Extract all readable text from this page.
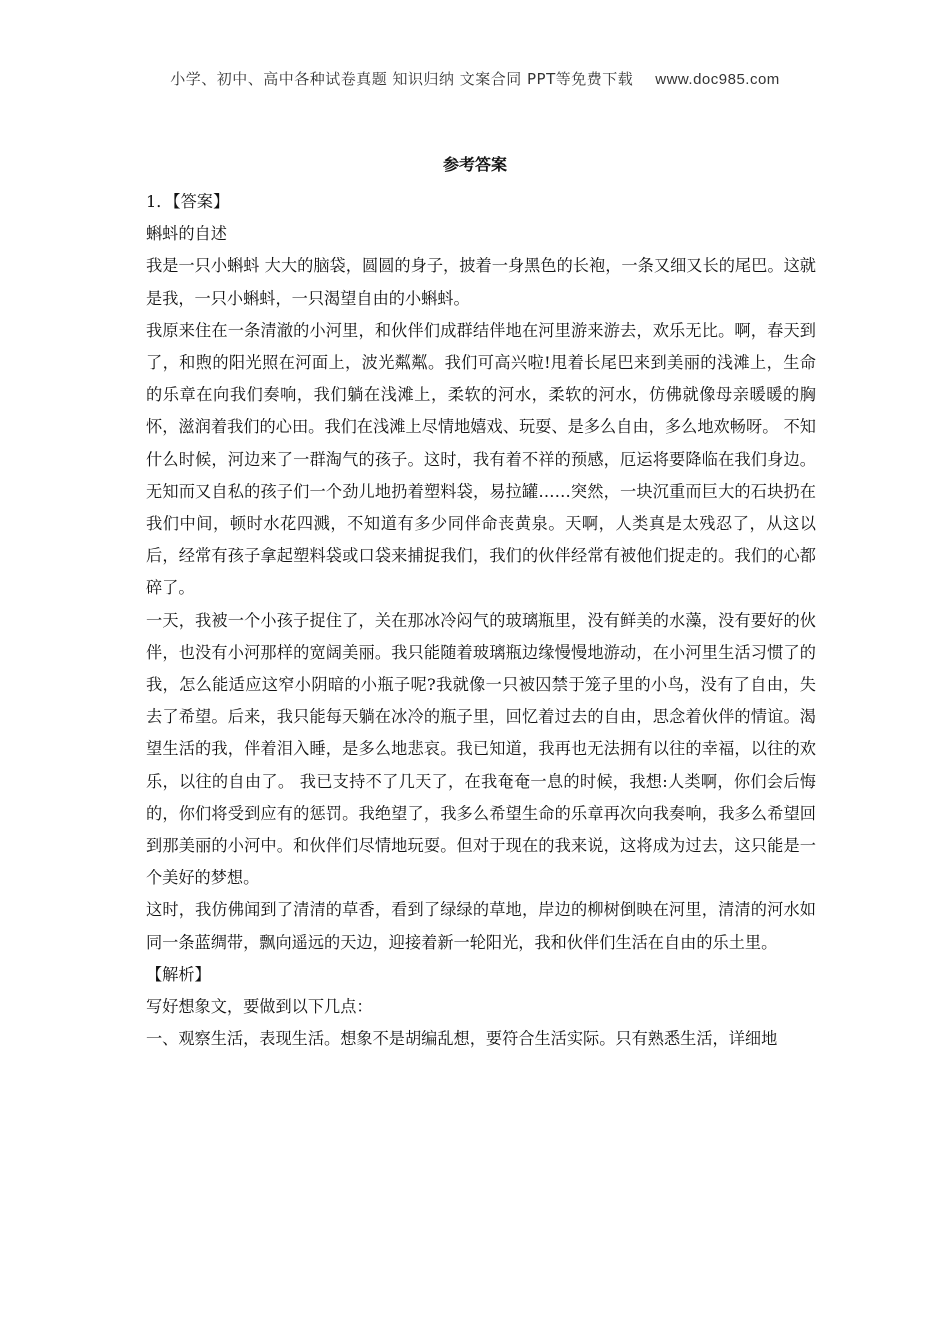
小学、初中、高中各种试卷真题 知识归纳 文案合同 PPT等免费下载 www.doc985.com
参考答案

1．【答案】

蝌蚪的自述

我是一只小蝌蚪 大大的脑袋，圆圆的身子，披着一身黑色的长袍，一条又细又长的尾巴。这就是我，一只小蝌蚪，一只渴望自由的小蝌蚪。

我原来住在一条清澈的小河里，和伙伴们成群结伴地在河里游来游去，欢乐无比。啊，春天到了，和煦的阳光照在河面上，波光粼粼。我们可高兴啦!甩着长尾巴来到美丽的浅滩上，生命的乐章在向我们奏响，我们躺在浅滩上，柔软的河水，柔软的河水，仿佛就像母亲暖暖的胸怀，滋润着我们的心田。我们在浅滩上尽情地嬉戏、玩耍、是多么自由，多么地欢畅呀。 不知什么时候，河边来了一群淘气的孩子。这时，我有着不祥的预感，厄运将要降临在我们身边。无知而又自私的孩子们一个劲儿地扔着塑料袋，易拉罐……突然，一块沉重而巨大的石块扔在我们中间，顿时水花四溅，不知道有多少同伴命丧黄泉。天啊，人类真是太残忍了，从这以后，经常有孩子拿起塑料袋或口袋来捕捉我们，我们的伙伴经常有被他们捉走的。我们的心都碎了。

一天，我被一个小孩子捉住了，关在那冰冷闷气的玻璃瓶里，没有鲜美的水藻，没有要好的伙伴，也没有小河那样的宽阔美丽。我只能随着玻璃瓶边缘慢慢地游动，在小河里生活习惯了的我，怎么能适应这窄小阴暗的小瓶子呢?我就像一只被囚禁于笼子里的小鸟，没有了自由，失去了希望。后来，我只能每天躺在冰冷的瓶子里，回忆着过去的自由，思念着伙伴的情谊。渴望生活的我，伴着泪入睡，是多么地悲哀。我已知道，我再也无法拥有以往的幸福，以往的欢乐，以往的自由了。 我已支持不了几天了，在我奄奄一息的时候，我想:人类啊，你们会后悔的，你们将受到应有的惩罚。我绝望了，我多么希望生命的乐章再次向我奏响，我多么希望回到那美丽的小河中。和伙伴们尽情地玩耍。但对于现在的我来说，这将成为过去，这只能是一个美好的梦想。

这时，我仿佛闻到了清清的草香，看到了绿绿的草地，岸边的柳树倒映在河里，清清的河水如同一条蓝绸带，飘向遥远的天边，迎接着新一轮阳光，我和伙伴们生活在自由的乐土里。

【解析】

写好想象文，要做到以下几点：

一、观察生活，表现生活。想象不是胡编乱想，要符合生活实际。只有熟悉生活，详细地
